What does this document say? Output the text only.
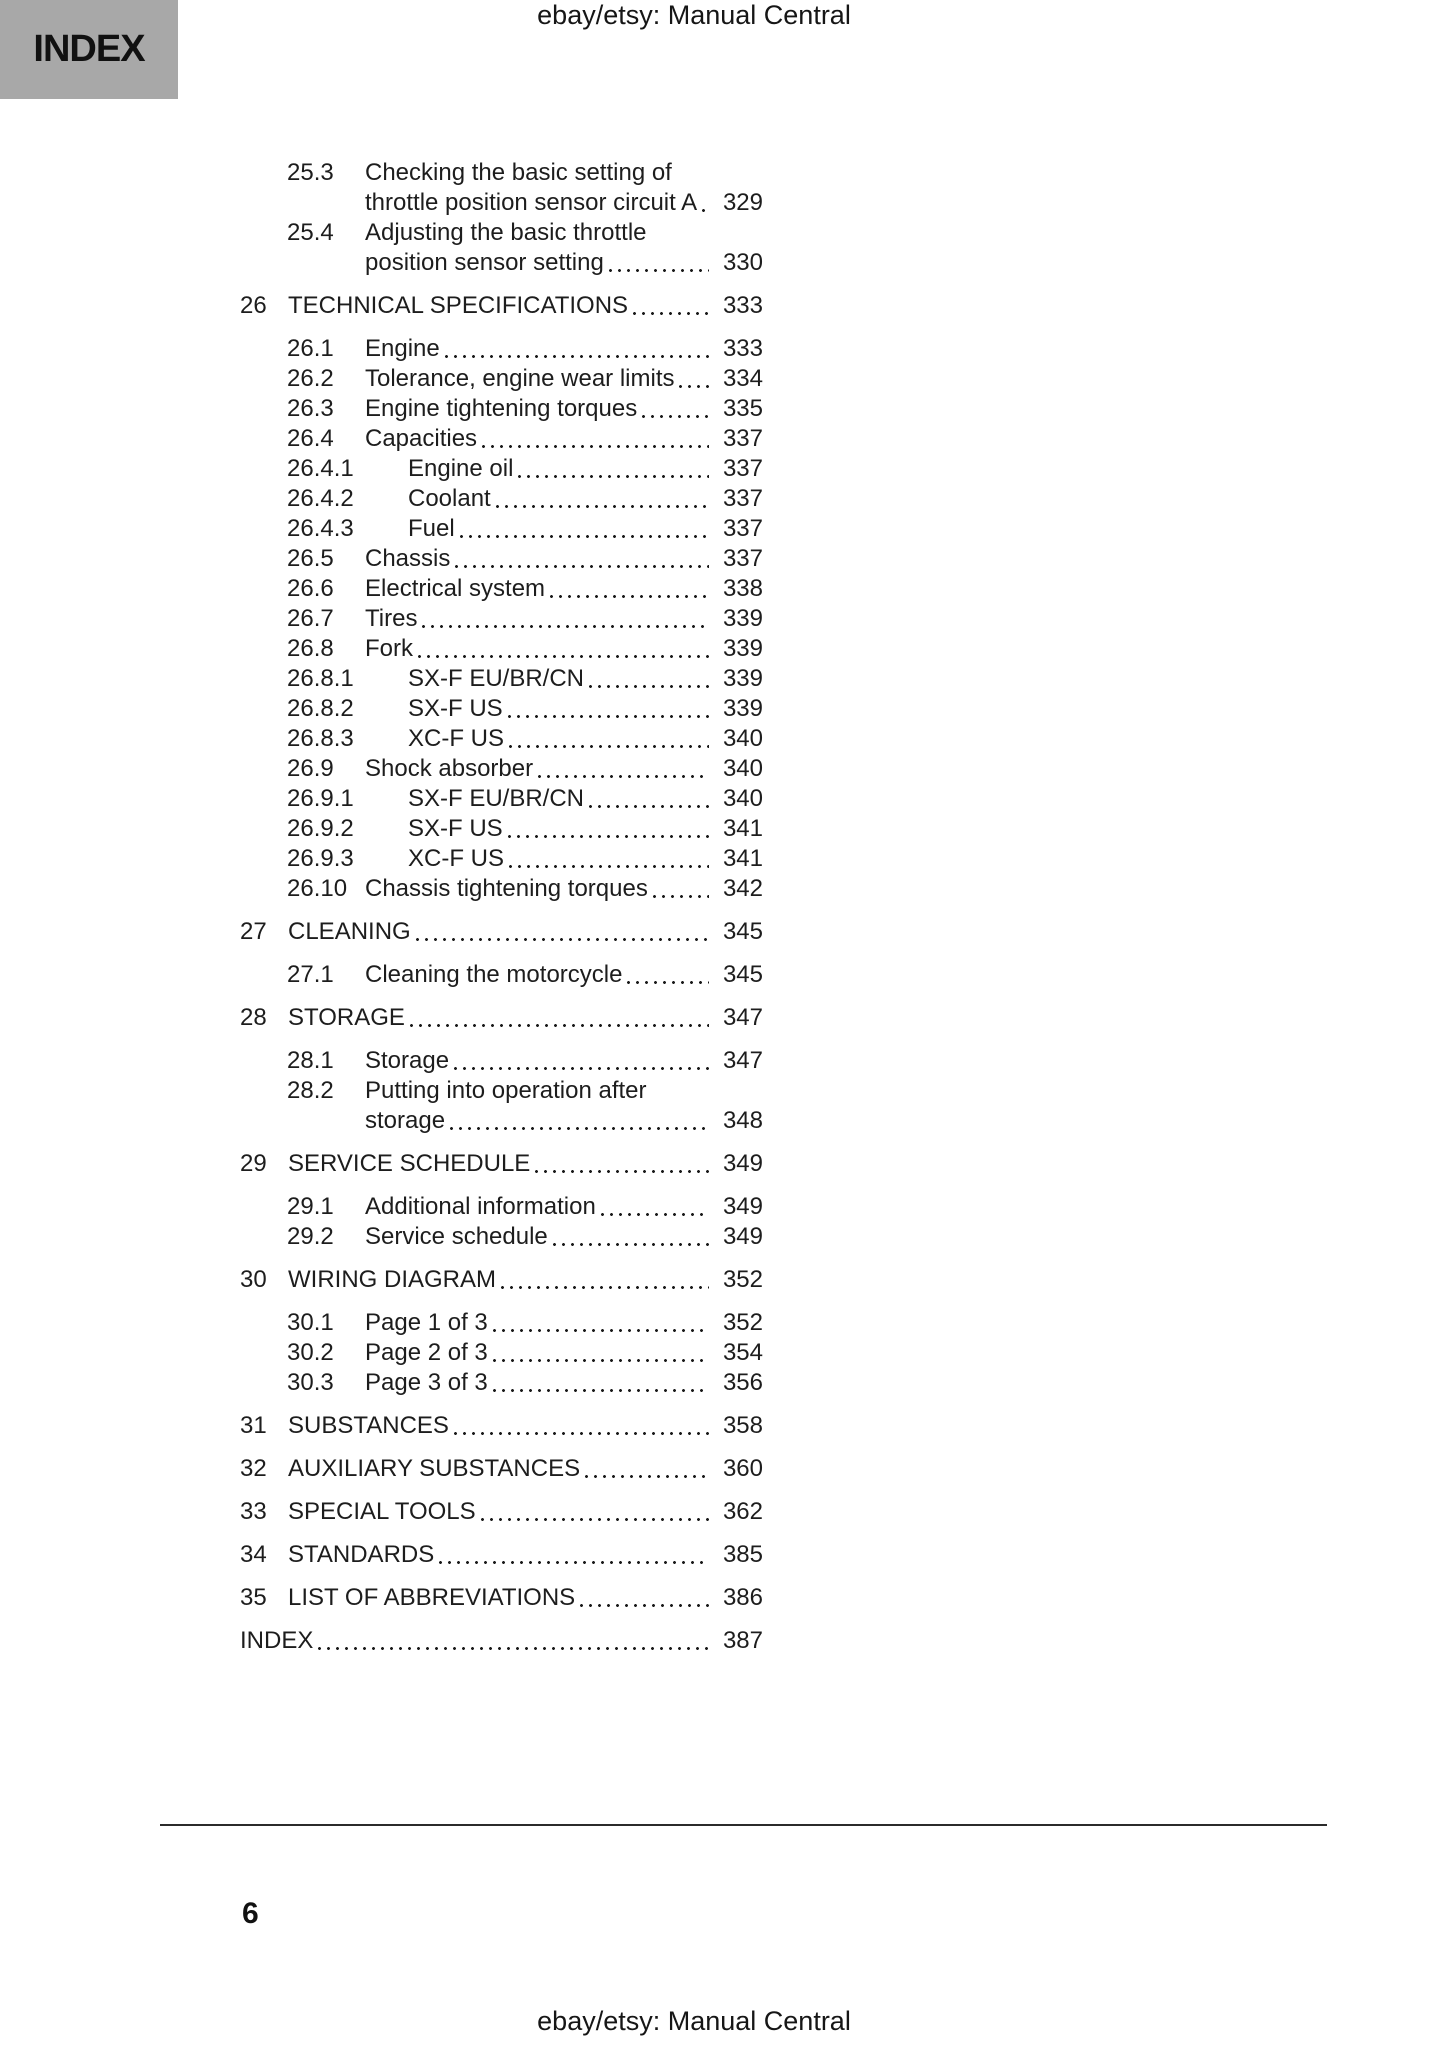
ebay/etsy: Manual Central
INDEX
25.3	Checking the basic setting of
throttle position sensor circuit A	329
25.4	Adjusting the basic throttle
position sensor setting	330
26 TECHNICAL SPECIFICATIONS	333
26.1	Engine	333
26.2	Tolerance, engine wear limits	334
26.3	Engine tightening torques	335
26.4	Capacities	337
26.4.1	Engine oil	337
26.4.2	Coolant	337
26.4.3	Fuel	337
26.5	Chassis	337
26.6	Electrical system	338
26.7	Tires	339
26.8	Fork	339
26.8.1	SX-F EU/BR/CN	339
26.8.2	SX-F US	339
26.8.3	XC-F US	340
26.9	Shock absorber	340
26.9.1	SX-F EU/BR/CN	340
26.9.2	SX-F US	341
26.9.3	XC-F US	341
26.10 Chassis tightening torques	342
27 CLEANING	345
27.1	Cleaning the motorcycle	345
28 STORAGE	347
28.1	Storage	347
28.2	Putting into operation after
storage	348
29 SERVICE SCHEDULE	349
29.1	Additional information	349
29.2	Service schedule	349
30 WIRING DIAGRAM	352
30.1	Page 1 of 3	352
30.2	Page 2 of 3	354
30.3	Page 3 of 3	356
31 SUBSTANCES	358
32 AUXILIARY SUBSTANCES	360
33 SPECIAL TOOLS	362
34 STANDARDS	385
35 LIST OF ABBREVIATIONS	386
INDEX	387
6
ebay/etsy: Manual Central
